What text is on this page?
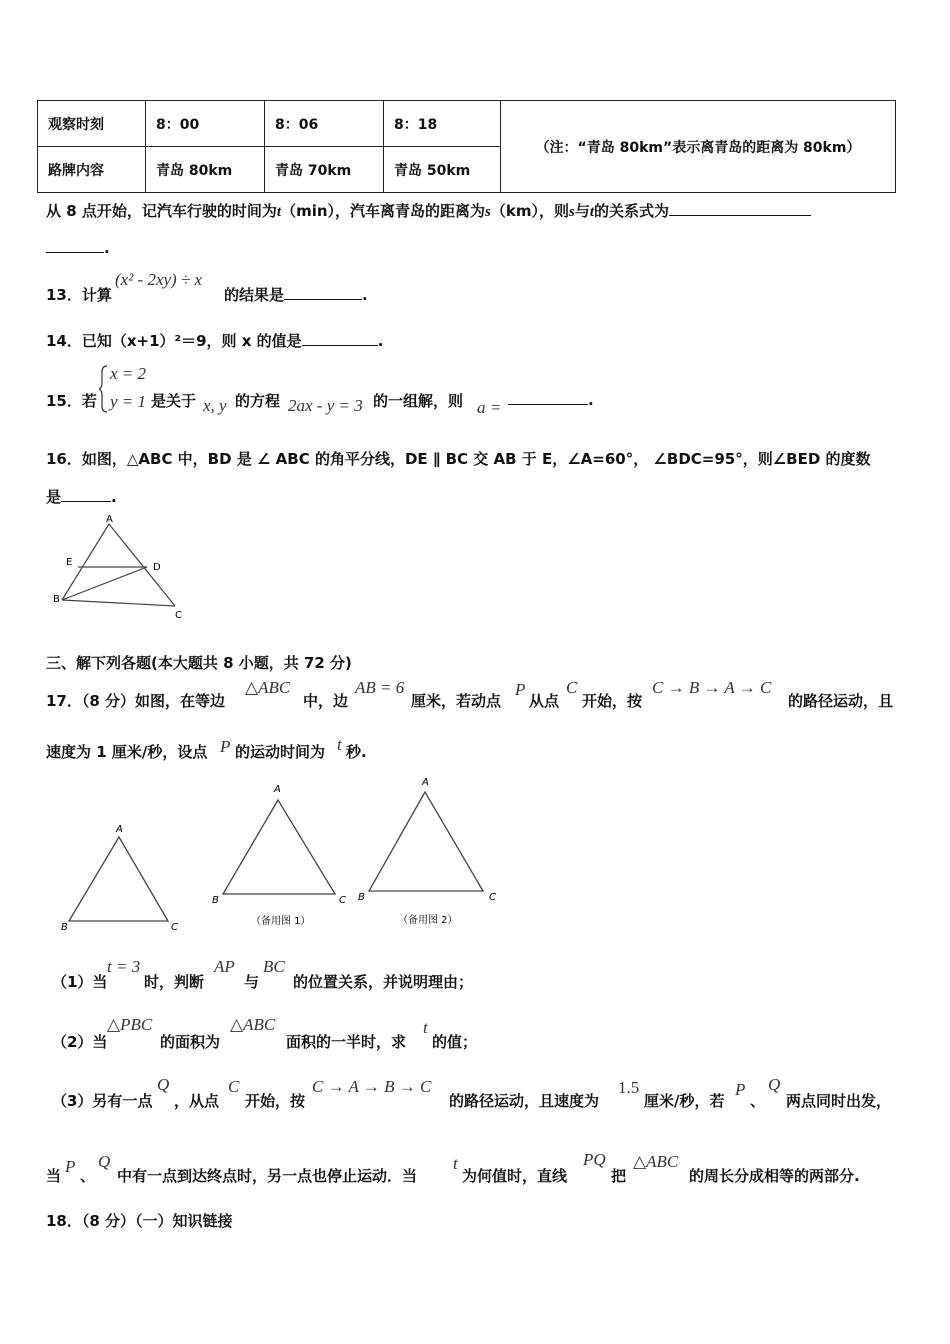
观察时刻	8：00	8：06	8：18	（注：“青岛 80km”表示离青岛的距离为 80km）
路牌内容	青岛 80km	青岛 70km	青岛 50km	
从 8 点开始，记汽车行驶的时间为t（min），汽车离青岛的距离为s（km），则s与t的关系式为
.
13．计算
(x² - 2xy) ÷ x
的结果是	.
14．已知（x+1）²＝9，则 x 的值是	.
15．若
x = 2
y = 1 是关于 x, y 的方程 2ax - y = 3 的一组解，则 a =	.
16．如图，△ABC 中，BD 是 ∠ ABC 的角平分线，DE ∥ BC 交 AB 于 E，∠A=60°， ∠BDC=95°，则∠BED 的度数
是	.
A
E	D
B
C
三、解下列各题(本大题共 8 小题，共 72 分)
17．（8 分）如图，在等边
△ABC
中，边
AB = 6
厘米，若动点
P
从点
C
开始，按
C → B → A → C
的路径运动，且
速度为 1 厘米/秒，设点 P 的运动时间为 t 秒.
A
B	C
A
B	C
（备用图 1）
A
B	C
（备用图 2）
（1）当
t = 3
时，判断
AP
与
BC
的位置关系，并说明理由；
（2）当
△PBC
的面积为
△ABC
面积的一半时，求
t
的值；
（3）另有一点
Q
，从点
C
开始，按
C → A → B → C
的路径运动，且速度为
1.5
厘米/秒，若
P
、
Q
两点同时出发，
当 P 、
Q
中有一点到达终点时，另一点也停止运动．当
t
为何值时，直线
PQ
把
△ABC
的周长分成相等的两部分.
18．（8 分）（一）知识链接
